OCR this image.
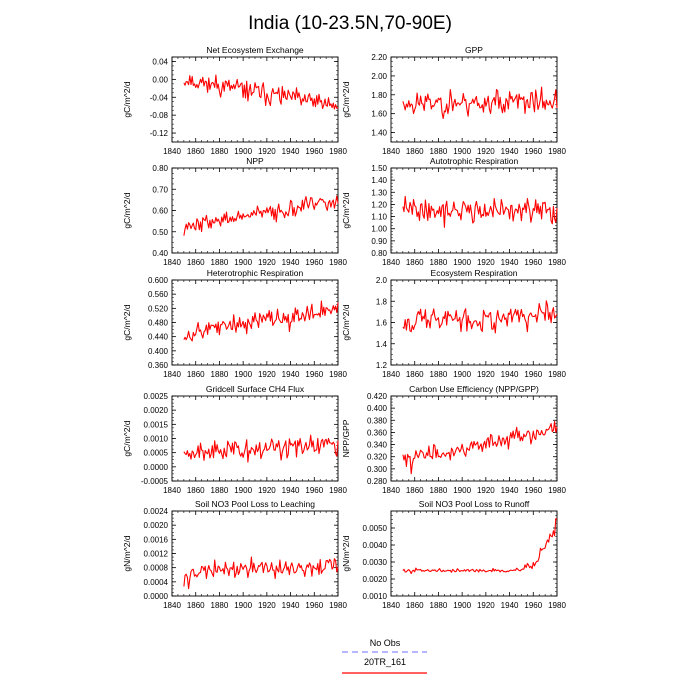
India (10-23.5N,70-90E)
Net Ecosystem Exchange
1840 1860 1880 1900 1920 1940 1960 1980
0.04
0.00
-0.04
-0.08
-0.12
gC/m^2/d
GPP
1840 1860 1880 1900 1920 1940 1960 1980
2.20
2.00
1.80
1.60
1.40
gC/m^2/d
NPP
1840 1860 1880 1900 1920 1940 1960 1980
0.80
0.70
0.60
0.50
0.40
gC/m^2/d
Autotrophic Respiration
1840 1860 1880 1900 1920 1940 1960 1980
1.50
1.40
1.30
1.20
1.10
1.00
0.90
0.80
gC/m^2/d
Heterotrophic Respiration
1840 1860 1880 1900 1920 1940 1960 1980
0.600
0.560
0.520
0.480
0.440
0.400
0.360
gC/m^2/d
Ecosystem Respiration
1840 1860 1880 1900 1920 1940 1960 1980
2.0
1.8
1.6
1.4
1.2
gC/m^2/d
Gridcell Surface CH4 Flux
1840 1860 1880 1900 1920 1940 1960 1980
0.0025
0.0020
0.0015
0.0010
0.0005
0.0000
-0.0005
gC/m^2/d
Carbon Use Efficiency (NPP/GPP)
1840 1860 1880 1900 1920 1940 1960 1980
0.420
0.400
0.380
0.360
0.340
0.320
0.300
0.280
NPP/GPP
Soil NO3 Pool Loss to Leaching
1840 1860 1880 1900 1920 1940 1960 1980
0.0024
0.0020
0.0016
0.0012
0.0008
0.0004
0.0000
gN/m^2/d
Soil NO3 Pool Loss to Runoff
1840 1860 1880 1900 1920 1940 1960 1980
0.0050
0.0040
0.0030
0.0020
0.0010
gN/m^2/d
No Obs
20TR_161
